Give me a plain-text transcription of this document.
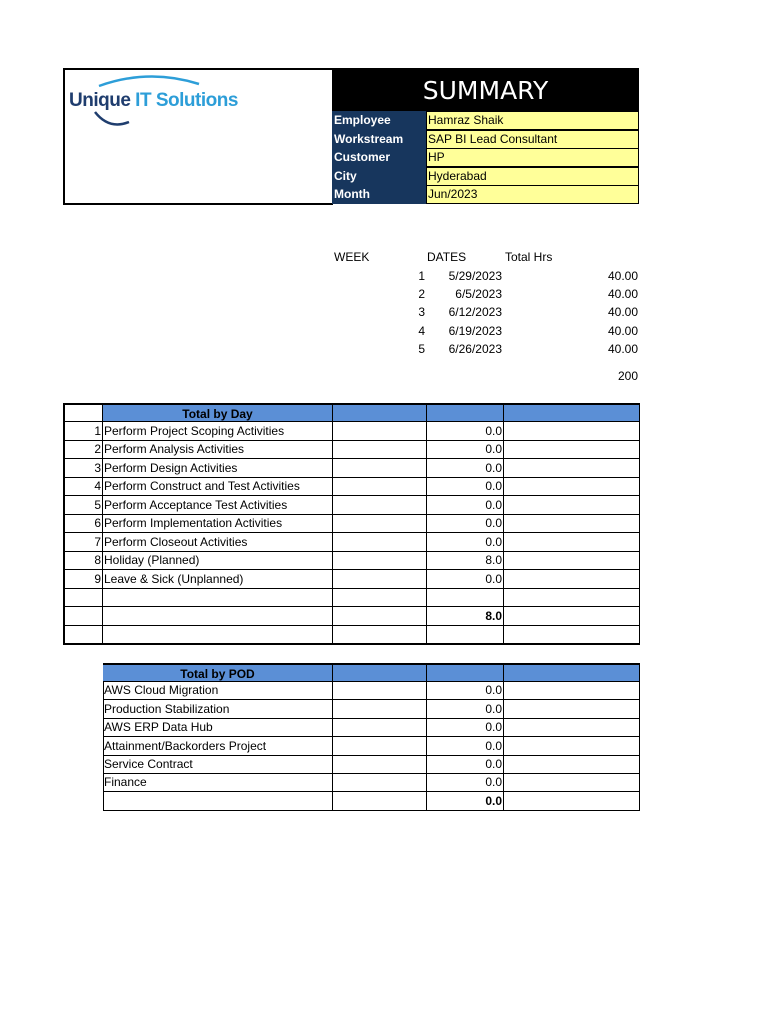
Unique IT Solutions	SUMMARY
Employee	Hamraz Shaik
Workstream	SAP BI Lead Consultant
Customer	HP
City	Hyderabad
Month	Jun/2023
WEEK	DATES	Total Hrs
1	5/29/2023	40.00
2	6/5/2023	40.00
3	6/12/2023	40.00
4	6/19/2023	40.00
5	6/26/2023	40.00
200
Total by Day
1 Perform Project Scoping Activities	0.0
2 Perform Analysis Activities	0.0
3 Perform Design Activities	0.0
4 Perform Construct and Test Activities	0.0
5 Perform Acceptance Test Activities	0.0
6 Perform Implementation Activities	0.0
7 Perform Closeout Activities	0.0
8 Holiday (Planned)	8.0
9 Leave & Sick (Unplanned)	0.0
8.0
Total by POD
AWS Cloud Migration	0.0
Production Stabilization	0.0
AWS ERP Data Hub	0.0
Attainment/Backorders Project	0.0
Service Contract	0.0
Finance	0.0
0.0
